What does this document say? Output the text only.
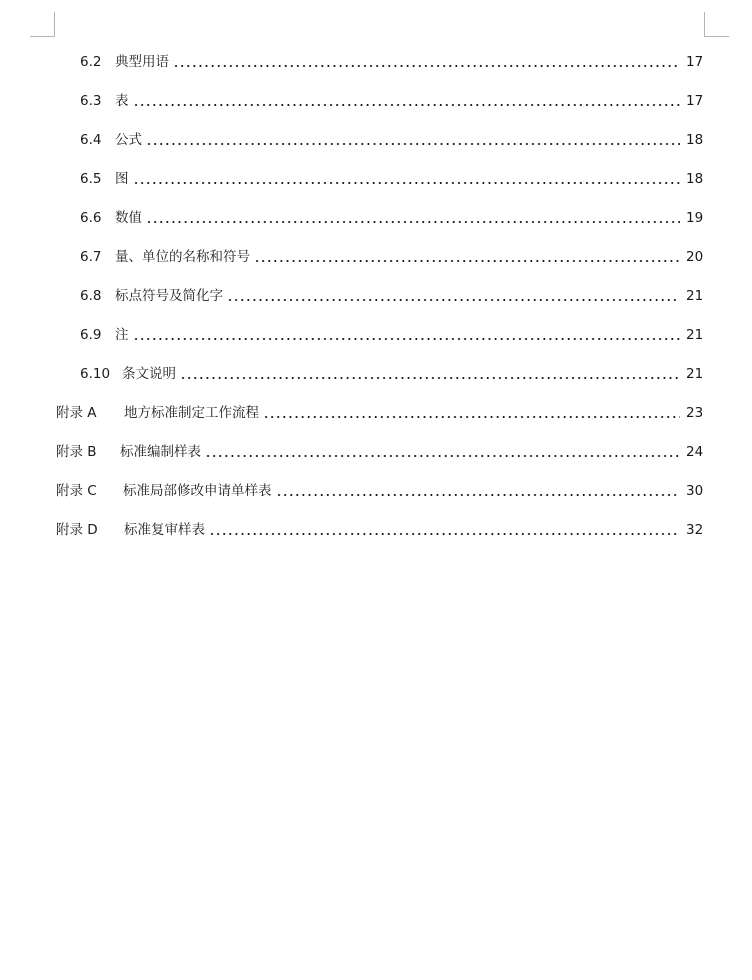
6.2	典型用语	17
6.3	表	17
6.4	公式	18
6.5	图	18
6.6	数值	19
6.7	量、单位的名称和符号	20
6.8	标点符号及简化字	21
6.9	注	21
6.10 条文说明	21
附录 A	地方标准制定工作流程	23
附录 B	标准编制样表	24
附录 C	标准局部修改申请单样表	30
附录 D	标准复审样表	32
